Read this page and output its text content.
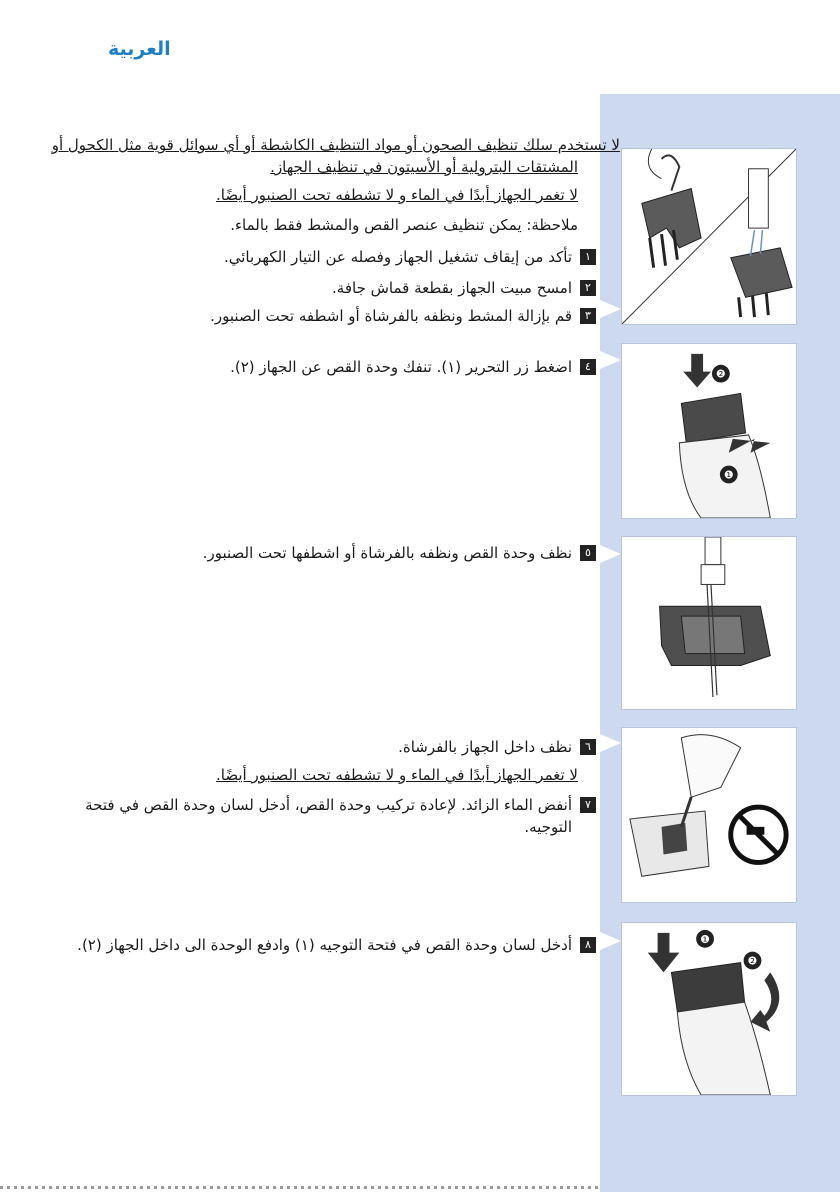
العربية
لا تستخدم سلك تنظيف الصحون أو مواد التنظيف الكاشطة أو أي سوائل قوية مثل الكحول أو
المشتقات البترولية أو الأسيتون في تنظيف الجهاز.
لا تغمر الجهاز أبدًا في الماء و لا تشطفه تحت الصنبور أيضًا.
ملاحظة: يمكن تنظيف عنصر القص والمشط فقط بالماء.
١
تأكد من إيقاف تشغيل الجهاز وفصله عن التيار الكهربائي.
٢
امسح مبيت الجهاز بقطعة قماش جافة.
٣
قم بإزالة المشط ونظفه بالفرشاة أو اشطفه تحت الصنبور.
٤
اضغط زر التحرير (١). تنفك وحدة القص عن الجهاز (٢).
٥
نظف وحدة القص ونظفه بالفرشاة أو اشطفها تحت الصنبور.
٦
نظف داخل الجهاز بالفرشاة.
لا تغمر الجهاز أبدًا في الماء و لا تشطفه تحت الصنبور أيضًا.
٧
أنفض الماء الزائد. لإعادة تركيب وحدة القص، أدخل لسان وحدة القص في فتحة التوجيه.
٨
أدخل لسان وحدة القص في فتحة التوجيه (١) وادفع الوحدة الى داخل الجهاز (٢).
❷
❶
❶
❷
